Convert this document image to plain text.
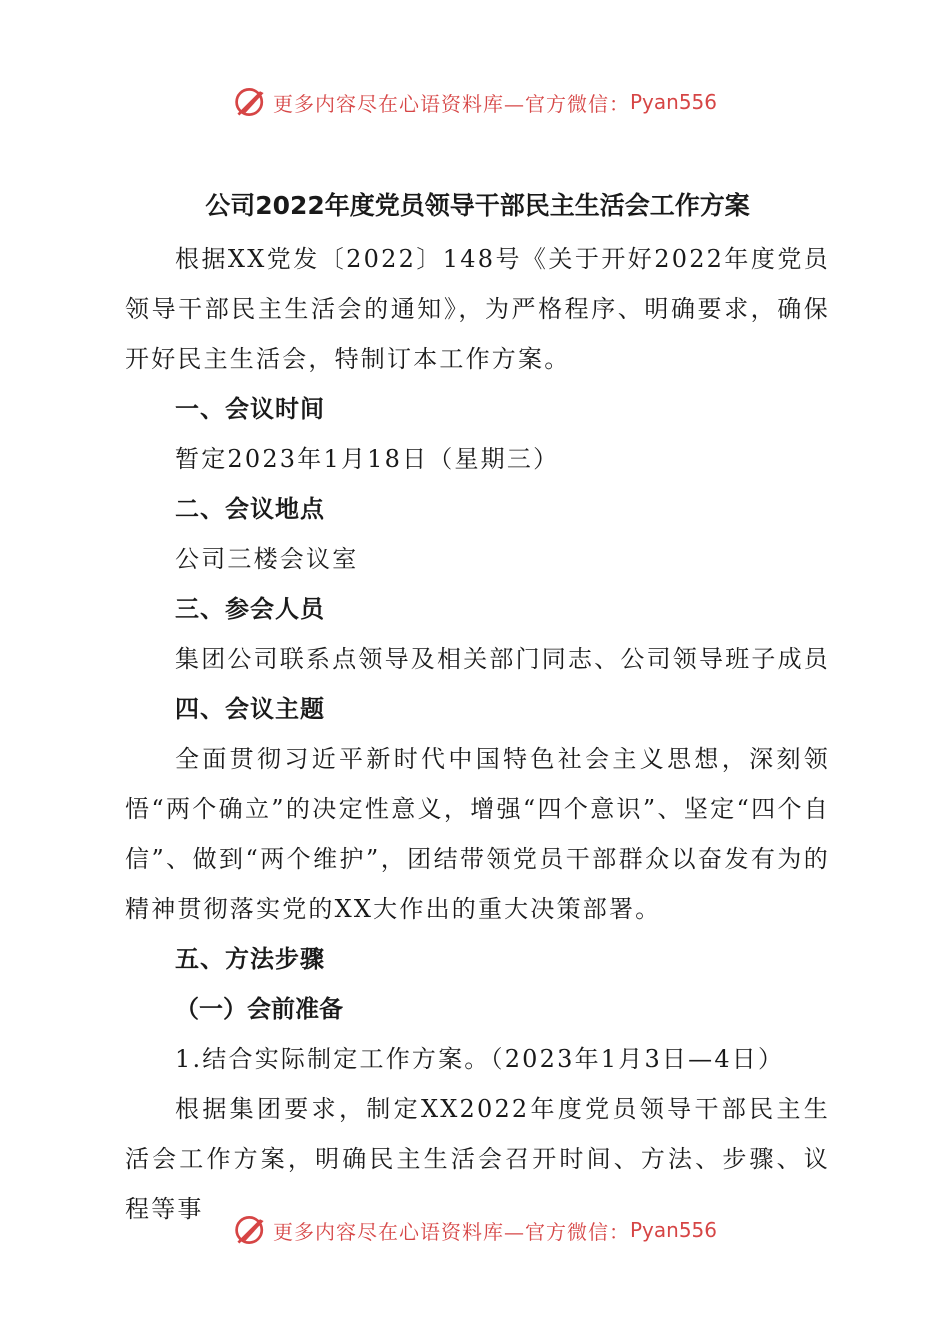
更多内容尽在心语资料库—官方微信： Pyan556

公司2022年度党员领导干部民主生活会工作方案

根据XX党发〔2022〕148号《关于开好2022年度党员领导干部民主生活会的通知》，为严格程序、明确要求，确保开好民主生活会，特制订本工作方案。

一、会议时间

暂定2023年1月18日（星期三）

二、会议地点

公司三楼会议室

三、参会人员

集团公司联系点领导及相关部门同志、公司领导班子成员

四、会议主题

全面贯彻习近平新时代中国特色社会主义思想，深刻领悟“两个确立”的决定性意义，增强“四个意识”、坚定“四个自信”、做到“两个维护”，团结带领党员干部群众以奋发有为的精神贯彻落实党的XX大作出的重大决策部署。

五、方法步骤

（一）会前准备

1.结合实际制定工作方案。（2023年1月3日—4日）

根据集团要求，制定XX2022年度党员领导干部民主生活会工作方案，明确民主生活会召开时间、方法、步骤、议程等事

更多内容尽在心语资料库—官方微信： Pyan556
